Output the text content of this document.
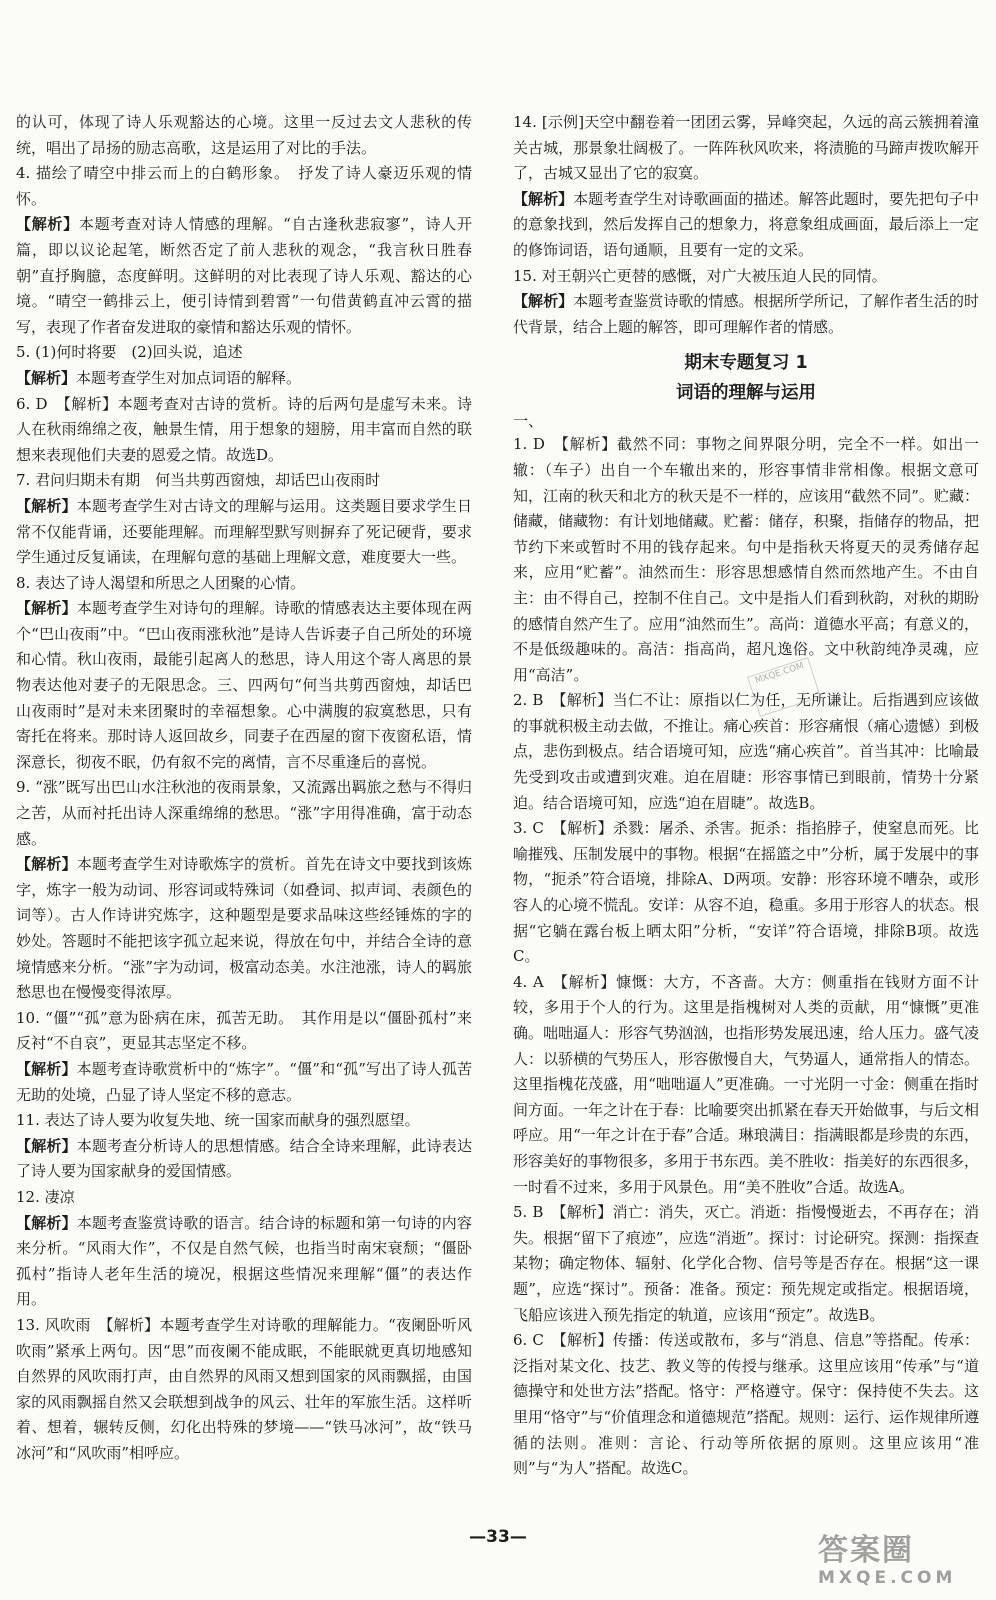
的认可，体现了诗人乐观豁达的心境。这里一反过去文人悲秋的传统，唱出了昂扬的励志高歌，这是运用了对比的手法。

4. 描绘了晴空中排云而上的白鹤形象。　抒发了诗人豪迈乐观的情怀。

【解析】本题考查对诗人情感的理解。“自古逢秋悲寂寥”，诗人开篇，即以议论起笔，断然否定了前人悲秋的观念，“我言秋日胜春朝”直抒胸臆，态度鲜明。这鲜明的对比表现了诗人乐观、豁达的心境。“晴空一鹤排云上，便引诗情到碧霄”一句借黄鹤直冲云霄的描写，表现了作者奋发进取的豪情和豁达乐观的情怀。

5. (1)何时将要　(2)回头说，追述

【解析】本题考查学生对加点词语的解释。

6. D　【解析】本题考查对古诗的赏析。诗的后两句是虚写未来。诗人在秋雨绵绵之夜，触景生情，用于想象的翅膀，用丰富而自然的联想来表现他们夫妻的恩爱之情。故选D。

7. 君问归期未有期　何当共剪西窗烛，却话巴山夜雨时

【解析】本题考查学生对古诗文的理解与运用。这类题目要求学生日常不仅能背诵，还要能理解。而理解型默写则摒弃了死记硬背，要求学生通过反复诵读，在理解句意的基础上理解文意，难度要大一些。

8. 表达了诗人渴望和所思之人团聚的心情。

【解析】本题考查学生对诗句的理解。诗歌的情感表达主要体现在两个“巴山夜雨”中。“巴山夜雨涨秋池”是诗人告诉妻子自己所处的环境和心情。秋山夜雨，最能引起离人的愁思，诗人用这个寄人离思的景物表达他对妻子的无限思念。三、四两句“何当共剪西窗烛，却话巴山夜雨时”是对未来团聚时的幸福想象。心中满腹的寂寞愁思，只有寄托在将来。那时诗人返回故乡，同妻子在西屋的窗下夜窗私语，情深意长，彻夜不眠，仍有叙不完的离情，言不尽重逢后的喜悦。

9. “涨”既写出巴山水注秋池的夜雨景象，又流露出羁旅之愁与不得归之苦，从而衬托出诗人深重绵绵的愁思。“涨”字用得准确，富于动态感。

【解析】本题考查学生对诗歌炼字的赏析。首先在诗文中要找到该炼字，炼字一般为动词、形容词或特殊词（如叠词、拟声词、表颜色的词等）。古人作诗讲究炼字，这种题型是要求品味这些经锤炼的字的妙处。答题时不能把该字孤立起来说，得放在句中，并结合全诗的意境情感来分析。“涨”字为动词，极富动态美。水注池涨，诗人的羁旅愁思也在慢慢变得浓厚。

10. “僵”“孤”意为卧病在床，孤苦无助。　其作用是以“僵卧孤村”来反衬“不自哀”，更显其志坚定不移。

【解析】本题考查诗歌赏析中的“炼字”。“僵”和“孤”写出了诗人孤苦无助的处境，凸显了诗人坚定不移的意志。

11. 表达了诗人要为收复失地、统一国家而献身的强烈愿望。

【解析】本题考查分析诗人的思想情感。结合全诗来理解，此诗表达了诗人要为国家献身的爱国情感。

12. 凄凉

【解析】本题考查鉴赏诗歌的语言。结合诗的标题和第一句诗的内容来分析。“风雨大作”，不仅是自然气候，也指当时南宋衰颓；“僵卧孤村”指诗人老年生活的境况，根据这些情况来理解“僵”的表达作用。

13. 风吹雨　【解析】本题考查学生对诗歌的理解能力。“夜阑卧听风吹雨”紧承上两句。因“思”而夜阑不能成眠，不能眠就更真切地感知自然界的风吹雨打声，由自然界的风雨又想到国家的风雨飘摇，由国家的风雨飘摇自然又会联想到战争的风云、壮年的军旅生活。这样听着、想着，辗转反侧，幻化出特殊的梦境——“铁马冰河”，故“铁马冰河”和“风吹雨”相呼应。

14. [示例]天空中翻卷着一团团云雾，异峰突起，久远的高云簇拥着潼关古城，那景象壮阔极了。一阵阵秋风吹来，将渍脆的马蹄声拨吹解开了，古城又显出了它的寂寞。

【解析】本题考查学生对诗歌画面的描述。解答此题时，要先把句子中的意象找到，然后发挥自己的想象力，将意象组成画面，最后添上一定的修饰词语，语句通顺，且要有一定的文采。

15. 对王朝兴亡更替的感慨，对广大被压迫人民的同情。

【解析】本题考查鉴赏诗歌的情感。根据所学所记，了解作者生活的时代背景，结合上题的解答，即可理解作者的情感。

期末专题复习 1

词语的理解与运用

一、

1. D　【解析】截然不同：事物之间界限分明，完全不一样。如出一辙：（车子）出自一个车辙出来的，形容事情非常相像。根据文意可知，江南的秋天和北方的秋天是不一样的，应该用“截然不同”。贮藏：储藏，储藏物：有计划地储藏。贮蓄：储存，积聚，指储存的物品，把节约下来或暂时不用的钱存起来。句中是指秋天将夏天的灵秀储存起来，应用“贮蓄”。油然而生：形容思想感情自然而然地产生。不由自主：由不得自己，控制不住自己。文中是指人们看到秋韵，对秋的期盼的感情自然产生了。应用“油然而生”。高尚：道德水平高；有意义的，不是低级趣味的。高洁：指高尚，超凡逸俗。文中秋韵纯净灵魂，应用“高洁”。

2. B　【解析】当仁不让：原指以仁为任，无所谦让。后指遇到应该做的事就积极主动去做，不推让。痛心疾首：形容痛恨（痛心遗憾）到极点，悲伤到极点。结合语境可知，应选“痛心疾首”。首当其冲：比喻最先受到攻击或遭到灾难。迫在眉睫：形容事情已到眼前，情势十分紧迫。结合语境可知，应选“迫在眉睫”。故选B。

3. C　【解析】杀戮：屠杀、杀害。扼杀：指掐脖子，使窒息而死。比喻摧残、压制发展中的事物。根据“在摇篮之中”分析，属于发展中的事物，“扼杀”符合语境，排除A、D两项。安静：形容环境不嘈杂，或形容人的心境不慌乱。安详：从容不迫，稳重。多用于形容人的状态。根据“它躺在露台板上晒太阳”分析，“安详”符合语境，排除B项。故选C。

4. A　【解析】慷慨：大方，不吝啬。大方：侧重指在钱财方面不计较，多用于个人的行为。这里是指槐树对人类的贡献，用“慷慨”更准确。咄咄逼人：形容气势汹汹，也指形势发展迅速，给人压力。盛气凌人：以骄横的气势压人，形容傲慢自大，气势逼人，通常指人的情态。这里指槐花茂盛，用“咄咄逼人”更准确。一寸光阴一寸金：侧重在指时间方面。一年之计在于春：比喻要突出抓紧在春天开始做事，与后文相呼应。用“一年之计在于春”合适。琳琅满目：指满眼都是珍贵的东西，形容美好的事物很多，多用于书东西。美不胜收：指美好的东西很多，一时看不过来，多用于风景色。用“美不胜收”合适。故选A。

5. B　【解析】消亡：消失，灭亡。消逝：指慢慢逝去，不再存在；消失。根据“留下了痕迹”，应选“消逝”。探讨：讨论研究。探测：指探查某物；确定物体、辐射、化学化合物、信号等是否存在。根据“这一课题”，应选“探讨”。预备：准备。预定：预先规定或指定。根据语境，飞船应该进入预先指定的轨道，应该用“预定”。故选B。

6. C　【解析】传播：传送或散布，多与“消息、信息”等搭配。传承：泛指对某文化、技艺、教义等的传授与继承。这里应该用“传承”与“道德操守和处世方法”搭配。恪守：严格遵守。保守：保持使不失去。这里用“恪守”与“价值理念和道德规范”搭配。规则：运行、运作规律所遵循的法则。准则：言论、行动等所依据的原则。这里应该用“准则”与“为人”搭配。故选C。

MXQE.COM
—33—	答案圈
MXQE.COM
